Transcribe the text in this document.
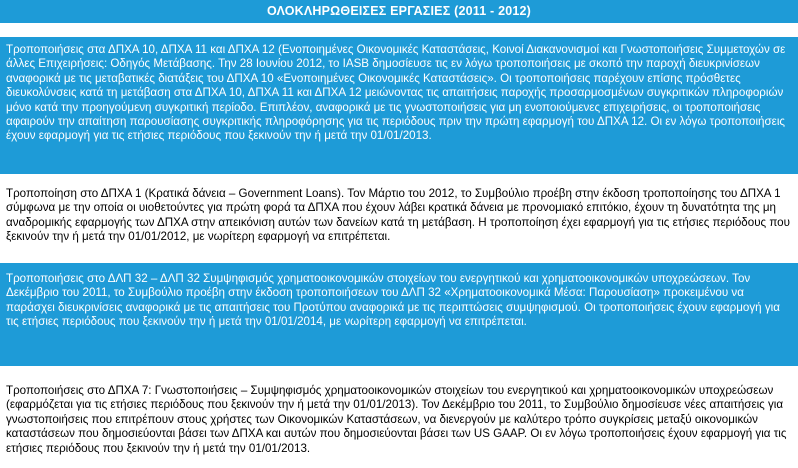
ΟΛΟΚΛΗΡΩΘΕΙΣΕΣ ΕΡΓΑΣΙΕΣ (2011 - 2012)

Τροποποιήσεις στα ΔΠΧΑ 10, ΔΠΧΑ 11 και ΔΠΧΑ 12 (Ενοποιημένες Οικονομικές Καταστάσεις, Κοινοί Διακανονισμοί και Γνωστοποιήσεις Συμμετοχών σε άλλες Επιχειρήσεις: Οδηγός Μετάβασης. Την 28 Ιουνίου 2012, το IASB δημοσίευσε τις εν λόγω τροποποιήσεις με σκοπό την παροχή διευκρινίσεων αναφορικά με τις μεταβατικές διατάξεις του ΔΠΧΑ 10 «Ενοποιημένες Οικονομικές Καταστάσεις». Οι τροποποιήσεις παρέχουν επίσης πρόσθετες διευκολύνσεις κατά τη μετάβαση στα ΔΠΧΑ 10, ΔΠΧΑ 11 και ΔΠΧΑ 12 μειώνοντας τις απαιτήσεις παροχής προσαρμοσμένων συγκριτικών πληροφοριών μόνο κατά την προηγούμενη συγκριτική περίοδο. Επιπλέον, αναφορικά με τις γνωστοποιήσεις για μη ενοποιούμενες επιχειρήσεις, οι τροποποιήσεις αφαιρούν την απαίτηση παρουσίασης συγκριτικής πληροφόρησης για τις περιόδους πριν την πρώτη εφαρμογή του ΔΠΧΑ 12. Οι εν λόγω τροποποιήσεις έχουν εφαρμογή για τις ετήσιες περιόδους που ξεκινούν την ή μετά την 01/01/2013.

Τροποποίηση στο ΔΠΧΑ 1 (Κρατικά δάνεια – Government Loans). Τον Μάρτιο του 2012, το Συμβούλιο προέβη στην έκδοση τροποποίησης του ΔΠΧΑ 1 σύμφωνα με την οποία οι υιοθετούντες για πρώτη φορά τα ΔΠΧΑ που έχουν λάβει κρατικά δάνεια με προνομιακό επιτόκιο, έχουν τη δυνατότητα της μη αναδρομικής εφαρμογής των ΔΠΧΑ στην απεικόνιση αυτών των δανείων κατά τη μετάβαση. Η τροποποίηση έχει εφαρμογή για τις ετήσιες περιόδους που ξεκινούν την ή μετά την 01/01/2012, με νωρίτερη εφαρμογή να επιτρέπεται.

Τροποποιήσεις στο ΔΛΠ 32 – ΔΛΠ 32 Συμψηφισμός χρηματοοικονομικών στοιχείων του ενεργητικού και χρηματοοικονομικών υποχρεώσεων. Τον Δεκέμβριο του 2011, το Συμβούλιο προέβη στην έκδοση τροποποιήσεων του ΔΛΠ 32 «Χρηματοοικονομικά Μέσα: Παρουσίαση» προκειμένου να παράσχει διευκρινίσεις αναφορικά με τις απαιτήσεις του Προτύπου αναφορικά με τις περιπτώσεις συμψηφισμού. Οι τροποποιήσεις έχουν εφαρμογή για τις ετήσιες περιόδους που ξεκινούν την ή μετά την 01/01/2014, με νωρίτερη εφαρμογή να επιτρέπεται.

Τροποποιήσεις στο ΔΠΧΑ 7: Γνωστοποιήσεις – Συμψηφισμός χρηματοοικονομικών στοιχείων του ενεργητικού και χρηματοοικονομικών υποχρεώσεων (εφαρμόζεται για τις ετήσιες περιόδους που ξεκινούν την ή μετά την 01/01/2013). Τον Δεκέμβριο του 2011, το Συμβούλιο δημοσίευσε νέες απαιτήσεις για γνωστοποιήσεις που επιτρέπουν στους χρήστες των Οικονομικών Καταστάσεων, να διενεργούν με καλύτερο τρόπο συγκρίσεις μεταξύ οικονομικών καταστάσεων που δημοσιεύονται βάσει των ΔΠΧΑ και αυτών που δημοσιεύονται βάσει των US GAAP. Οι εν λόγω τροποποιήσεις έχουν εφαρμογή για τις ετήσιες περιόδους που ξεκινούν την ή μετά την 01/01/2013.
